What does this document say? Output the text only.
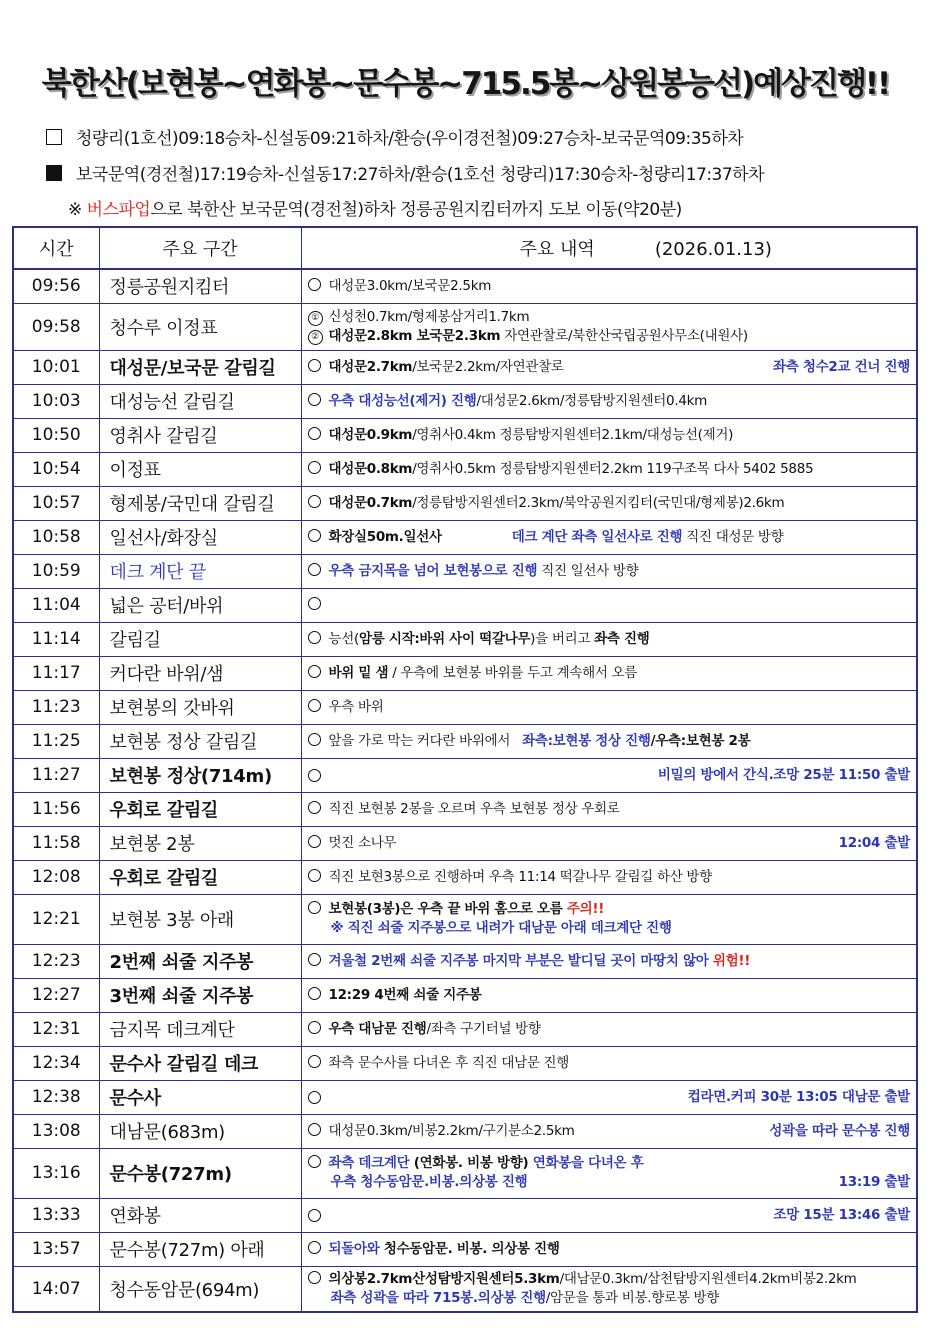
북한산(보현봉~연화봉~문수봉~715.5봉~상원봉능선)예상진행!!
청량리(1호선)09:18승차-신설동09:21하차/환승(우이경전철)09:27승차-보국문역09:35하차
보국문역(경전철)17:19승차-신설동17:27하차/환승(1호선 청량리)17:30승차-청량리17:37하차
※ 버스파업으로 북한산 보국문역(경전철)하차 정릉공원지킴터까지 도보 이동(약20분)
시간	주요 구간	주요 내역 (2026.01.13)
09:56	정릉공원지킴터	대성문3.0km/보국문2.5km
09:58	청수루 이정표	① 신성천0.7km/형제봉삼거리1.7km
② 대성문2.8km 보국문2.3km 자연관찰로/북한산국립공원사무소(내원사)

10:01	대성문/보국문 갈림길	대성문2.7km/보국문2.2km/자연관찰로 좌측 청수2교 건너 진행

10:03	대성능선 갈림길	우측 대성능선(제거) 진행/대성문2.6km/정릉탐방지원센터0.4km
10:50	영취사 갈림길	대성문0.9km/영취사0.4km 정릉탐방지원센터2.1km/대성능선(제거)
10:54	이정표	대성문0.8km/영취사0.5km 정릉탐방지원센터2.2km 119구조목 다사 5402 5885
10:57	형제봉/국민대 갈림길	대성문0.7km/정릉탐방지원센터2.3km/북악공원지킴터(국민대/형제봉)2.6km
10:58	일선사/화장실	화장실50m.일선사 데크 계단 좌측 일선사로 진행 직진 대성문 방향
10:59	데크 계단 끝	우측 금지목을 넘어 보현봉으로 진행 직진 일선사 방향
11:04	넓은 공터/바위	
11:14	갈림길	능선(암릉 시작:바위 사이 떡갈나무)을 버리고 좌측 진행
11:17	커다란 바위/샘	바위 밑 샘 / 우측에 보현봉 바위를 두고 계속해서 오름
11:23	보현봉의 갓바위	우측 바위
11:25	보현봉 정상 갈림길	앞을 가로 막는 커다란 바위에서 좌측:보현봉 정상 진행/우측:보현봉 2봉
11:27	보현봉 정상(714m)	비밀의 방에서 간식.조망 25분 11:50 출발

11:56	우회로 갈림길	직진 보현봉 2봉을 오르며 우측 보현봉 정상 우회로
11:58	보현봉 2봉	멋진 소나무 12:04 출발

12:08	우회로 갈림길	직진 보현3봉으로 진행하며 우측 11:14 떡갈나무 갈림길 하산 방향
12:21	보현봉 3봉 아래	보현봉(3봉)은 우측 끝 바위 홈으로 오름 주의!!
※ 직진 쇠줄 지주봉으로 내려가 대남문 아래 데크계단 진행

12:23	2번째 쇠줄 지주봉	겨울철 2번째 쇠줄 지주봉 마지막 부분은 발디딜 곳이 마땅치 않아 위험!!
12:27	3번째 쇠줄 지주봉	12:29 4번째 쇠줄 지주봉
12:31	금지목 데크계단	우측 대남문 진행/좌측 구기터널 방향
12:34	문수사 갈림길 데크	좌측 문수사를 다녀온 후 직진 대남문 진행
12:38	문수사	컵라면.커피 30분 13:05 대남문 출발

13:08	대남문(683m)	대성문0.3km/비봉2.2km/구기분소2.5km 성곽을 따라 문수봉 진행

13:16	문수봉(727m)	좌측 데크계단 (연화봉. 비봉 방향) 연화봉을 다녀온 후
우측 청수동암문.비봉.의상봉 진행 13:19 출발

13:33	연화봉	조망 15분 13:46 출발

13:57	문수봉(727m) 아래	되돌아와 청수동암문. 비봉. 의상봉 진행
14:07	청수동암문(694m)	의상봉2.7km산성탐방지원센터5.3km/대남문0.3km/삼천탐방지원센터4.2km비봉2.2km
좌측 성곽을 따라 715봉.의상봉 진행/암문을 통과 비봉.향로봉 방향
